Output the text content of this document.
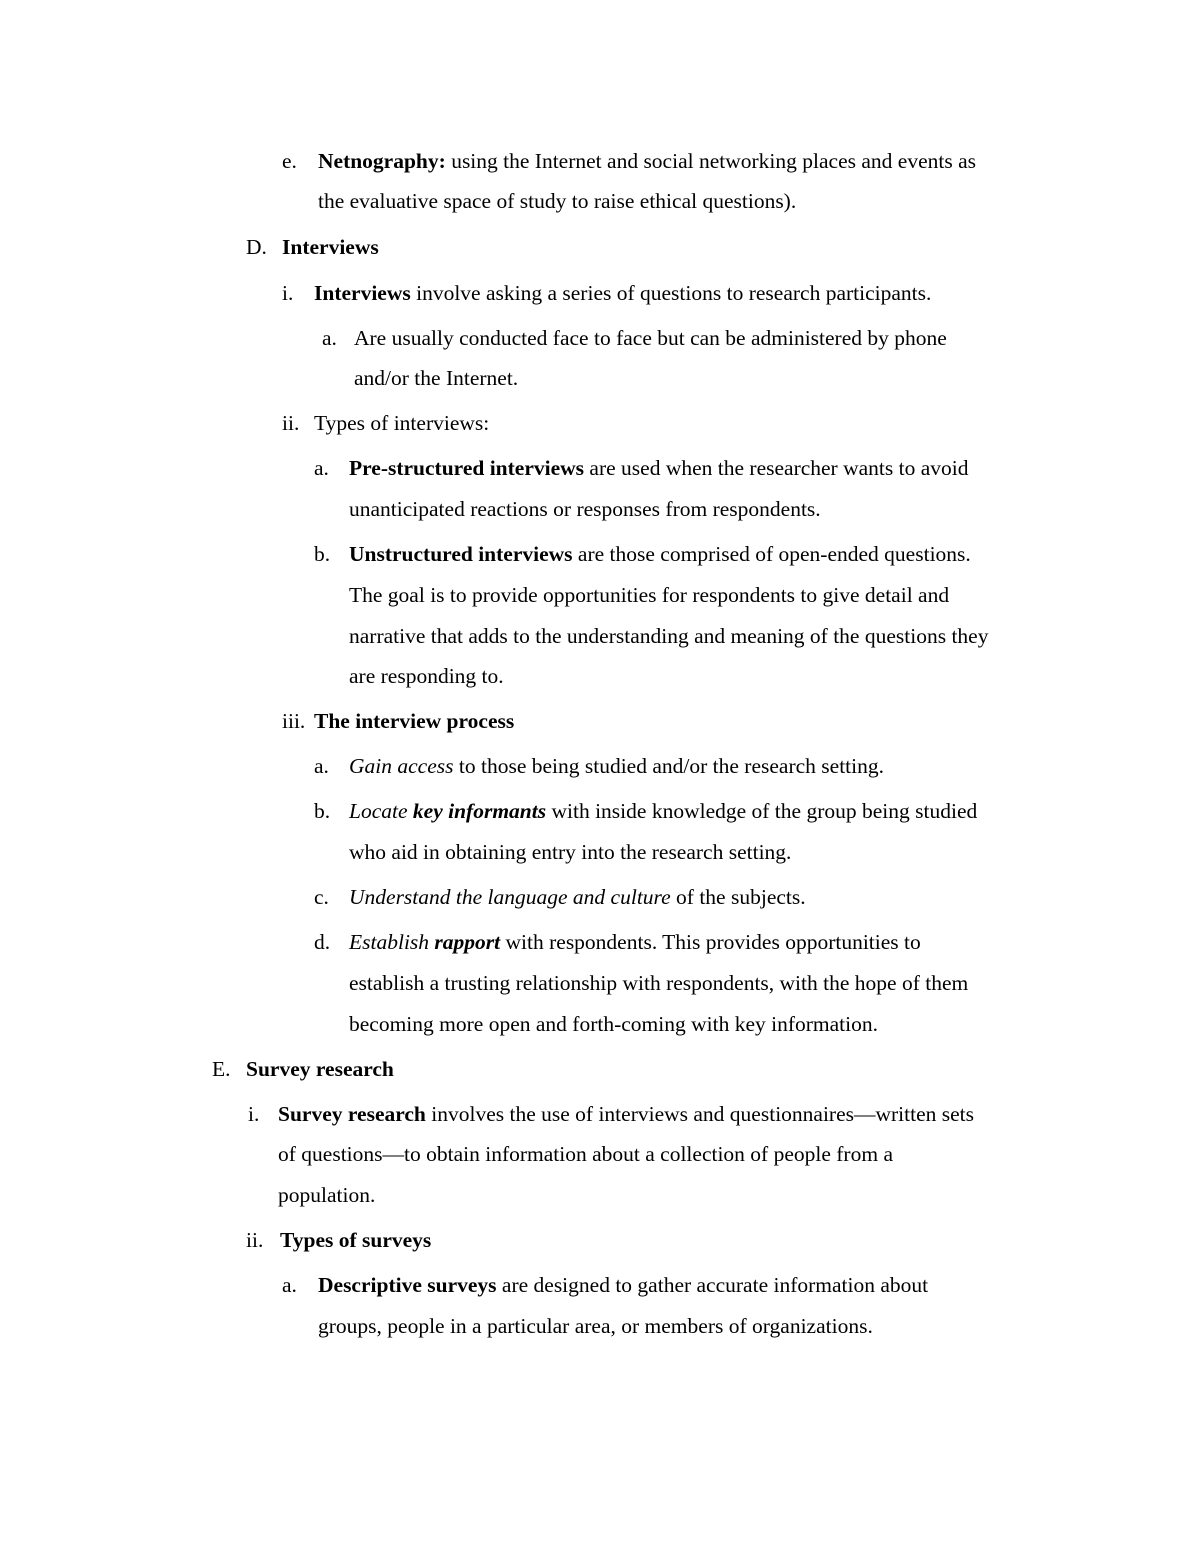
e. Netnography: using the Internet and social networking places and events as
the evaluative space of study to raise ethical questions).
D. Interviews
i. Interviews involve asking a series of questions to research participants.
a. Are usually conducted face to face but can be administered by phone
and/or the Internet.
ii. Types of interviews:
a. Pre-structured interviews are used when the researcher wants to avoid
unanticipated reactions or responses from respondents.
b. Unstructured interviews are those comprised of open-ended questions.
The goal is to provide opportunities for respondents to give detail and
narrative that adds to the understanding and meaning of the questions they
are responding to.
iii. The interview process
a. Gain access to those being studied and/or the research setting.
b. Locate key informants with inside knowledge of the group being studied
who aid in obtaining entry into the research setting.
c. Understand the language and culture of the subjects.
d. Establish rapport with respondents. This provides opportunities to
establish a trusting relationship with respondents, with the hope of them
becoming more open and forth-coming with key information.
E. Survey research
i. Survey research involves the use of interviews and questionnaires—written sets
of questions—to obtain information about a collection of people from a
population.
ii. Types of surveys
a. Descriptive surveys are designed to gather accurate information about
groups, people in a particular area, or members of organizations.
